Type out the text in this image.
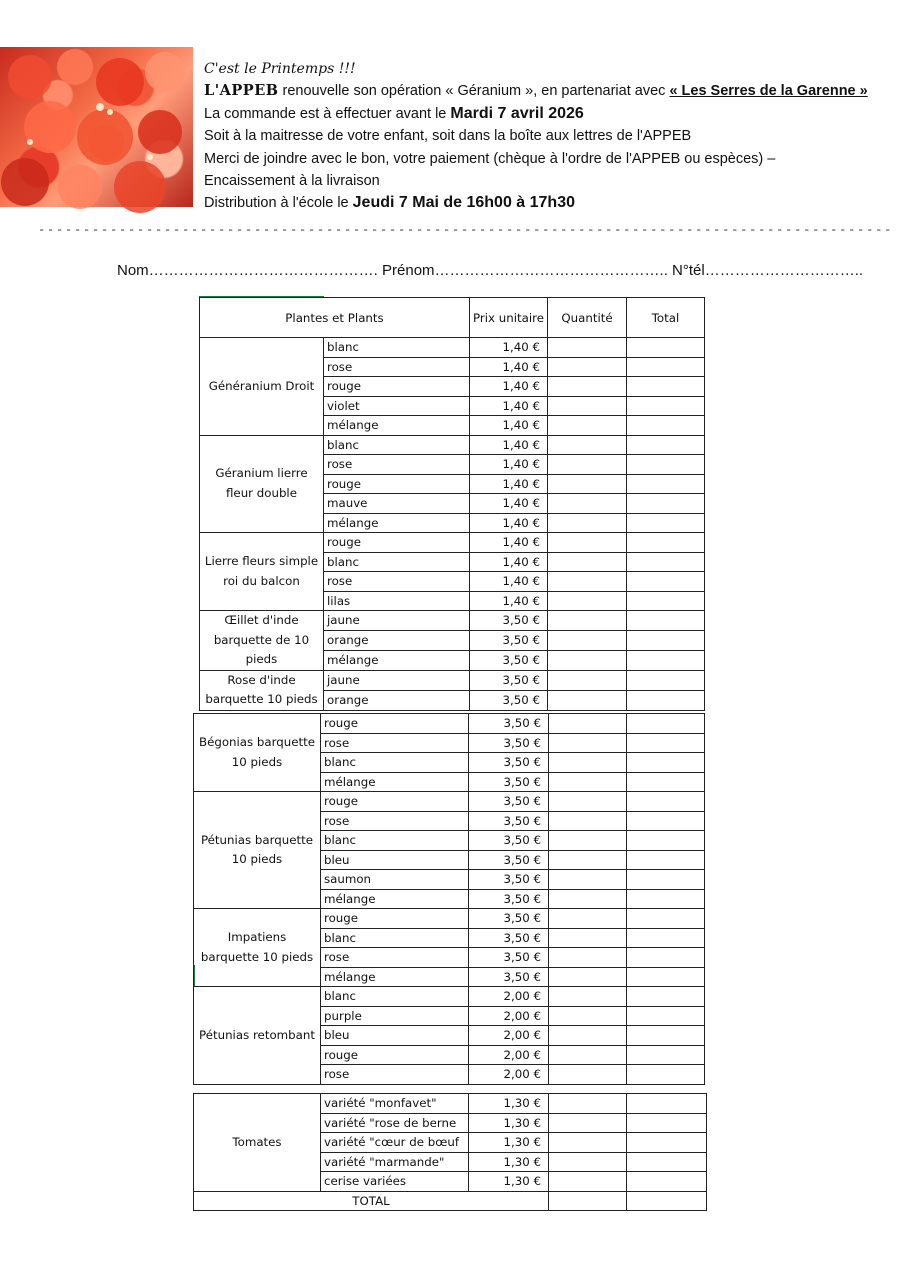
C'est le Printemps !!!
L'APPEB renouvelle son opération « Géranium », en partenariat avec « Les Serres de la Garenne »
La commande est à effectuer avant le Mardi 7 avril 2026
Soit à la maitresse de votre enfant, soit dans la boîte aux lettres de l'APPEB
Merci de joindre avec le bon, votre paiement (chèque à l'ordre de l'APPEB ou espèces) –
Encaissement à la livraison
Distribution à l'école le Jeudi 7 Mai de 16h00 à 17h30
-----------------------------------------------------------------------------------------------
Nom………………………………………. Prénom……………………………………….. N°tél…………………………..
Plantes et Plants		Prix unitaire	Quantité	Total
Généranium Droit	blanc	1,40 €		
	rose	1,40 €		
	rouge	1,40 €		
	violet	1,40 €		
	mélange	1,40 €		
Géranium lierre fleur double	blanc	1,40 €		
	rose	1,40 €		
	rouge	1,40 €		
	mauve	1,40 €		
	mélange	1,40 €		
Lierre fleurs simple roi du balcon	rouge	1,40 €		
	blanc	1,40 €		
	rose	1,40 €		
	lilas	1,40 €		
Œillet d'inde barquette de 10 pieds	jaune	3,50 €		
	orange	3,50 €		
	mélange	3,50 €		
Rose d'inde barquette 10 pieds	jaune	3,50 €		
	orange	3,50 €		
Bégonias barquette 10 pieds	rouge	3,50 €		
	rose	3,50 €		
	blanc	3,50 €		
	mélange	3,50 €		
Pétunias barquette 10 pieds	rouge	3,50 €		
	rose	3,50 €		
	blanc	3,50 €		
	bleu	3,50 €		
	saumon	3,50 €		
	mélange	3,50 €		
Impatiens barquette 10 pieds	rouge	3,50 €		
	blanc	3,50 €		
	rose	3,50 €		
	mélange	3,50 €		
Pétunias retombant	blanc	2,00 €		
	purple	2,00 €		
	bleu	2,00 €		
	rouge	2,00 €		
	rose	2,00 €		
Tomates	variété "monfavet"	1,30 €		
	variété "rose de berne	1,30 €		
	variété "cœur de bœuf	1,30 €		
	variété "marmande"	1,30 €		
	cerise variées	1,30 €		
TOTAL				
